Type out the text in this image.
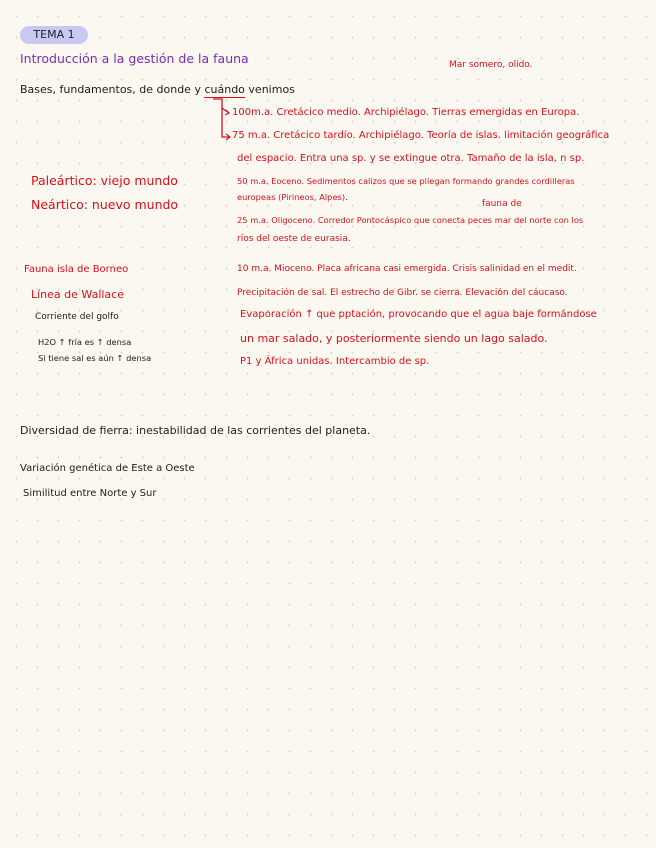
TEMA 1
Introducción a la gestión de la fauna	Mar somero, olido.
Bases, fundamentos, de donde y cuándo venimos
100m.a. Cretácico medio. Archipiélago. Tierras emergidas en Europa.
75 m.a. Cretácico tardío. Archipiélago. Teoría de islas. limitación geográfica
del espacio. Entra una sp. y se extingue otra. Tamaño de la isla, n sp.
50 m.a. Eoceno. Sedimentos calizos que se pliegan formando grandes cordilleras
europeas (Pirineos, Alpes).
fauna de
25 m.a. Oligoceno. Corredor Pontocáspico que conecta peces mar del norte con los
ríos del oeste de eurasia.
Paleártico: viejo mundo
Neártico: nuevo mundo
Fauna isla de Borneo
Línea de Wallace
Corriente del golfo
H2O ↑ fría es ↑ densa
Si tiene sal es aún ↑ densa
10 m.a. Mioceno. Placa africana casi emergida. Crisis salinidad en el medit.
Precipitación de sal. El estrecho de Gibr. se cierra. Elevación del cáucaso.
Evaporación ↑ que pptación, provocando que el agua baje formándose
un mar salado, y posteriormente siendo un lago salado.
P1 y África unidas. Intercambio de sp.
Diversidad de fierra: inestabilidad de las corrientes del planeta.
Variación genética de Este a Oeste
Similitud entre Norte y Sur
